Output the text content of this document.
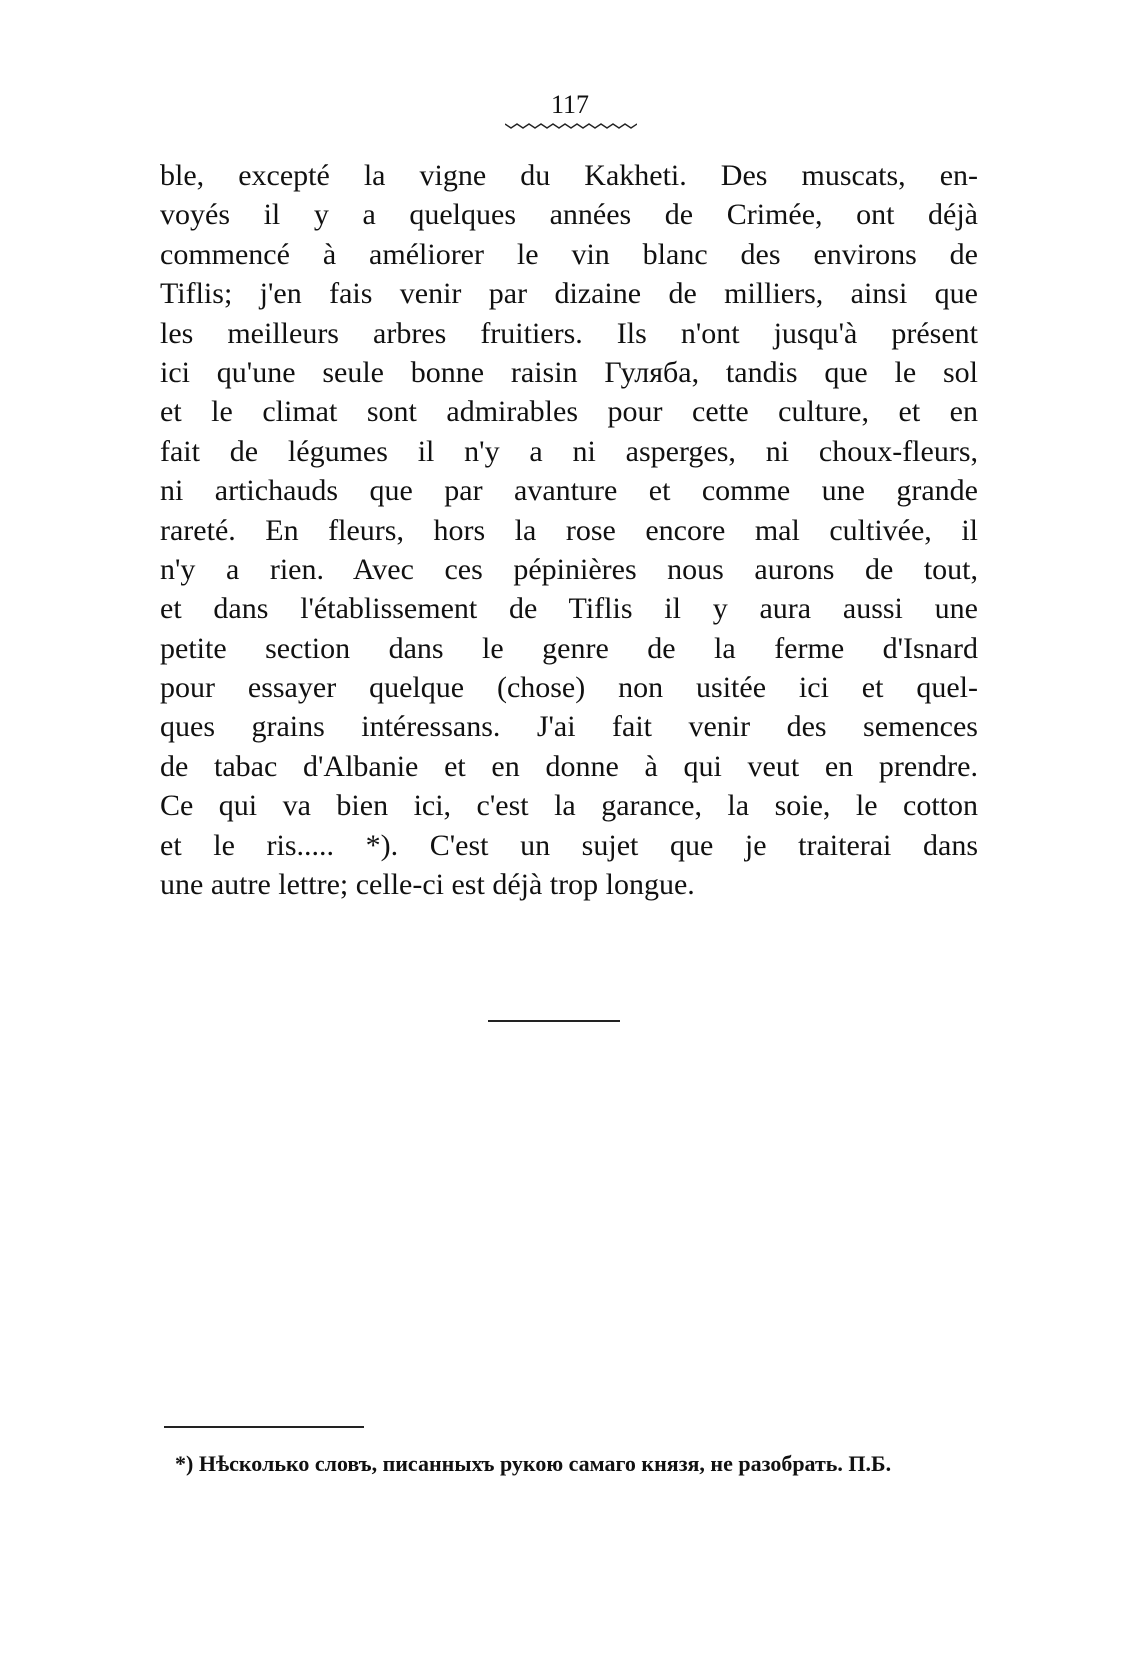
117
ble, excepté la vigne du Kakheti. Des muscats, en-
voyés il y a quelques années de Crimée, ont déjà
commencé à améliorer le vin blanc des environs de
Tiflis; j'en fais venir par dizaine de milliers, ainsi que
les meilleurs arbres fruitiers. Ils n'ont jusqu'à présent
ici qu'une seule bonne raisin Гуляба, tandis que le sol
et le climat sont admirables pour cette culture, et en
fait de légumes il n'y a ni asperges, ni choux-fleurs,
ni artichauds que par avanture et comme une grande
rareté. En fleurs, hors la rose encore mal cultivée, il
n'y a rien. Avec ces pépinières nous aurons de tout,
et dans l'établissement de Tiflis il y aura aussi une
petite section dans le genre de la ferme d'Isnard
pour essayer quelque (chose) non usitée ici et quel-
ques grains intéressans. J'ai fait venir des semences
de tabac d'Albanie et en donne à qui veut en prendre.
Ce qui va bien ici, c'est la garance, la soie, le cotton
et le ris..... *). C'est un sujet que je traiterai dans
une autre lettre; celle-ci est déjà trop longue.
*) Нѣсколько словъ, писанныхъ рукою самаго князя, не разобрать. П.Б.
